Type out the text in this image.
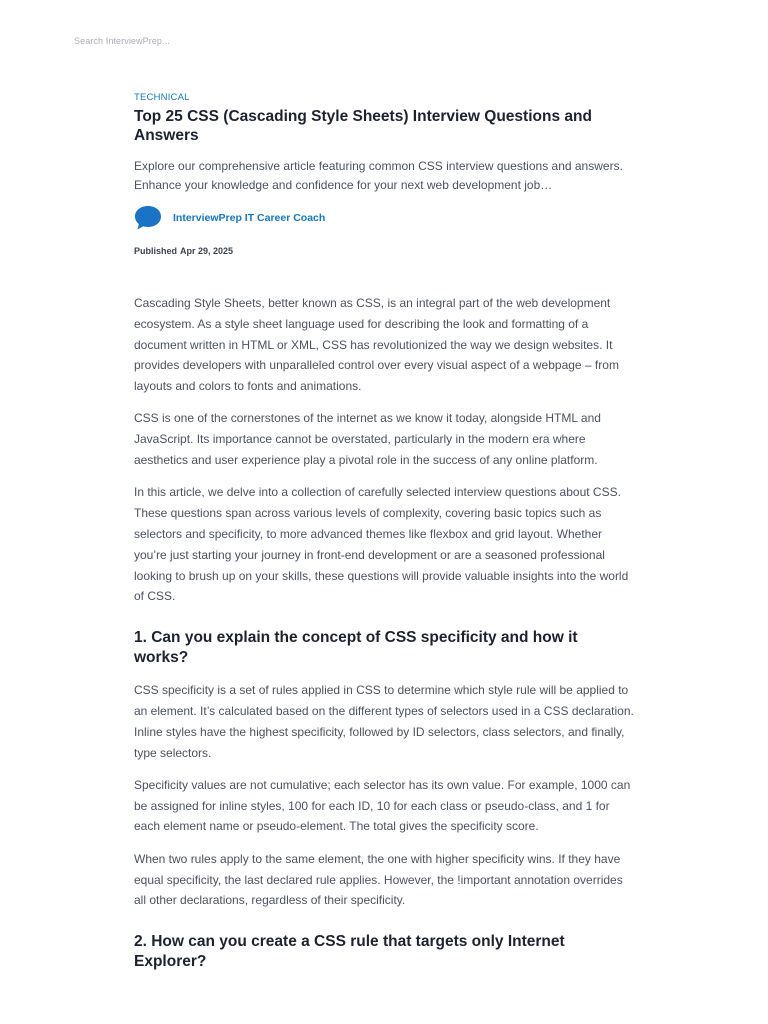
Search InterviewPrep...
TECHNICAL
Top 25 CSS (Cascading Style Sheets) Interview Questions and Answers
Explore our comprehensive article featuring common CSS interview questions and answers. Enhance your knowledge and confidence for your next web development job…
InterviewPrep IT Career Coach
Published Apr 29, 2025

Cascading Style Sheets, better known as CSS, is an integral part of the web development ecosystem. As a style sheet language used for describing the look and formatting of a document written in HTML or XML, CSS has revolutionized the way we design websites. It provides developers with unparalleled control over every visual aspect of a webpage – from layouts and colors to fonts and animations.

CSS is one of the cornerstones of the internet as we know it today, alongside HTML and JavaScript. Its importance cannot be overstated, particularly in the modern era where aesthetics and user experience play a pivotal role in the success of any online platform.

In this article, we delve into a collection of carefully selected interview questions about CSS. These questions span across various levels of complexity, covering basic topics such as selectors and specificity, to more advanced themes like flexbox and grid layout. Whether you’re just starting your journey in front-end development or are a seasoned professional looking to brush up on your skills, these questions will provide valuable insights into the world of CSS.

1. Can you explain the concept of CSS specificity and how it works?

CSS specificity is a set of rules applied in CSS to determine which style rule will be applied to an element. It’s calculated based on the different types of selectors used in a CSS declaration. Inline styles have the highest specificity, followed by ID selectors, class selectors, and finally, type selectors.

Specificity values are not cumulative; each selector has its own value. For example, 1000 can be assigned for inline styles, 100 for each ID, 10 for each class or pseudo-class, and 1 for each element name or pseudo-element. The total gives the specificity score.

When two rules apply to the same element, the one with higher specificity wins. If they have equal specificity, the last declared rule applies. However, the !important annotation overrides all other declarations, regardless of their specificity.

2. How can you create a CSS rule that targets only Internet Explorer?
